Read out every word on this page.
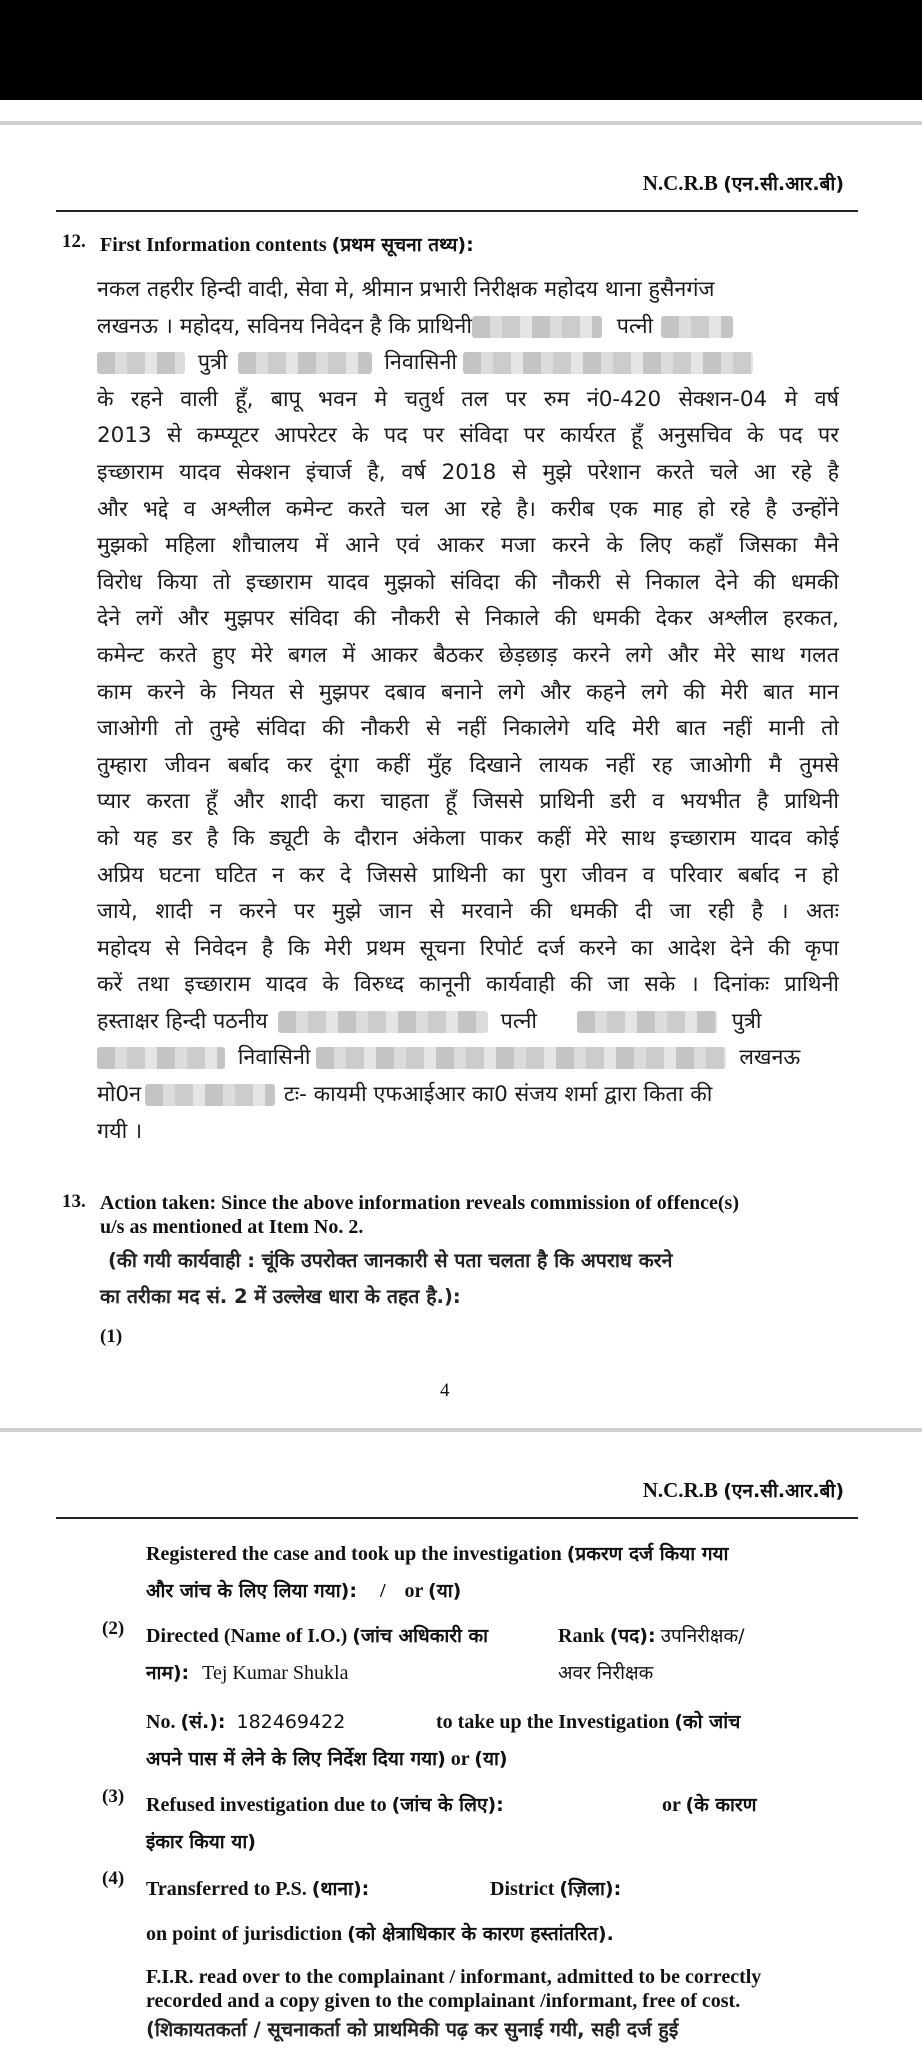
N.C.R.B (एन.सी.आर.बी)
12. First Information contents (प्रथम सूचना तथ्य):
नकल तहरीर हिन्दी वादी, सेवा मे, श्रीमान प्रभारी निरीक्षक महोदय थाना हुसैनगंज
लखनऊ । महोदय, सविनय निवेदन है कि प्राथिनी	पत्नी
पुत्री	निवासिनी
के रहने वाली हूँ, बापू भवन मे चतुर्थ तल पर रुम नं0-420 सेक्शन-04 मे वर्ष
2013 से कम्प्यूटर आपरेटर के पद पर संविदा पर कार्यरत हूँ अनुसचिव के पद पर
इच्छाराम यादव सेक्शन इंचार्ज है, वर्ष 2018 से मुझे परेशान करते चले आ रहे है
और भद्दे व अश्लील कमेन्ट करते चल आ रहे है। करीब एक माह हो रहे है उन्होंने
मुझको महिला शौचालय में आने एवं आकर मजा करने के लिए कहाँ जिसका मैने
विरोध किया तो इच्छाराम यादव मुझको संविदा की नौकरी से निकाल देने की धमकी
देने लगें और मुझपर संविदा की नौकरी से निकाले की धमकी देकर अश्लील हरकत,
कमेन्ट करते हुए मेरे बगल में आकर बैठकर छेड़छाड़ करने लगे और मेरे साथ गलत
काम करने के नियत से मुझपर दबाव बनाने लगे और कहने लगे की मेरी बात मान
जाओगी तो तुम्हे संविदा की नौकरी से नहीं निकालेगे यदि मेरी बात नहीं मानी तो
तुम्हारा जीवन बर्बाद कर दूंगा कहीं मुँह दिखाने लायक नहीं रह जाओगी मै तुमसे
प्यार करता हूँ और शादी करा चाहता हूँ जिससे प्राथिनी डरी व भयभीत है प्राथिनी
को यह डर है कि ड्यूटी के दौरान अंकेला पाकर कहीं मेरे साथ इच्छाराम यादव कोई
अप्रिय घटना घटित न कर दे जिससे प्राथिनी का पुरा जीवन व परिवार बर्बाद न हो
जाये, शादी न करने पर मुझे जान से मरवाने की धमकी दी जा रही है । अतः
महोदय से निवेदन है कि मेरी प्रथम सूचना रिपोर्ट दर्ज करने का आदेश देने की कृपा
करें तथा इच्छाराम यादव के विरुध्द कानूनी कार्यवाही की जा सके । दिनांकः प्राथिनी
हस्ताक्षर हिन्दी पठनीय	पत्नी	पुत्री
निवासिनी	लखनऊ
मो0न	टः- कायमी एफआईआर का0 संजय शर्मा द्वारा किता की
गयी ।
13. Action taken: Since the above information reveals commission of offence(s)
u/s as mentioned at Item No. 2.
(की गयी कार्यवाही : चूंकि उपरोक्त जानकारी से पता चलता है कि अपराध करने
का तरीका मद सं. 2 में उल्लेख धारा के तहत है.):
(1)
4
N.C.R.B (एन.सी.आर.बी)
Registered the case and took up the investigation (प्रकरण दर्ज किया गया
और जांच के लिए लिया गया): / or (या)
(2) Directed (Name of I.O.) (जांच अधिकारी का
नाम): Tej Kumar Shukla
Rank (पद): उपनिरीक्षक/
अवर निरीक्षक
No. (सं.): 182469422	to take up the Investigation (को जांच
अपने पास में लेने के लिए निर्देश दिया गया) or (या)
(3) Refused investigation due to (जांच के लिए):	or (के कारण
इंकार किया या)
(4) Transferred to P.S. (थाना):	District (ज़िला):
on point of jurisdiction (को क्षेत्राधिकार के कारण हस्तांतरित).
F.I.R. read over to the complainant / informant, admitted to be correctly
recorded and a copy given to the complainant /informant, free of cost.
(शिकायतकर्ता / सूचनाकर्ता को प्राथमिकी पढ़ कर सुनाई गयी, सही दर्ज हुई
